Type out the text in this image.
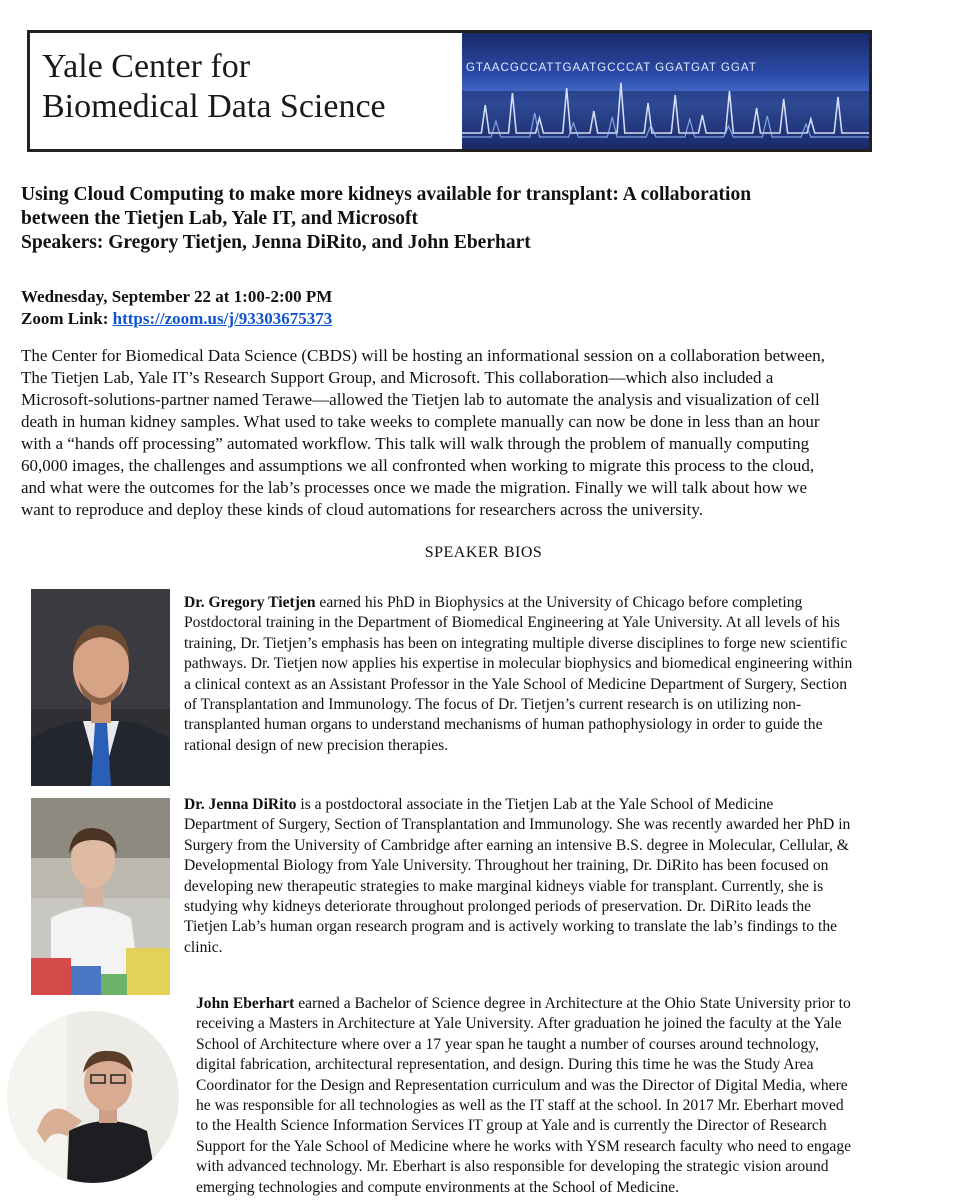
Yale Center for
Biomedical Data Science
GTAACGCCATTGAATGCCCAT GGATGAT GGAT
Using Cloud Computing to make more kidneys available for transplant: A collaboration
between the Tietjen Lab, Yale IT, and Microsoft
Speakers: Gregory Tietjen, Jenna DiRito, and John Eberhart
Wednesday, September 22 at 1:00-2:00 PM
Zoom Link: https://zoom.us/j/93303675373
The Center for Biomedical Data Science (CBDS) will be hosting an informational session on a collaboration between,
The Tietjen Lab, Yale IT’s Research Support Group, and Microsoft. This collaboration—which also included a
Microsoft-solutions-partner named Terawe—allowed the Tietjen lab to automate the analysis and visualization of cell
death in human kidney samples. What used to take weeks to complete manually can now be done in less than an hour
with a “hands off processing” automated workflow. This talk will walk through the problem of manually computing
60,000 images, the challenges and assumptions we all confronted when working to migrate this process to the cloud,
and what were the outcomes for the lab’s processes once we made the migration. Finally we will talk about how we
want to reproduce and deploy these kinds of cloud automations for researchers across the university.
SPEAKER BIOS
Dr. Gregory Tietjen earned his PhD in Biophysics at the University of Chicago before completing
Postdoctoral training in the Department of Biomedical Engineering at Yale University. At all levels of his
training, Dr. Tietjen’s emphasis has been on integrating multiple diverse disciplines to forge new scientific
pathways. Dr. Tietjen now applies his expertise in molecular biophysics and biomedical engineering within
a clinical context as an Assistant Professor in the Yale School of Medicine Department of Surgery, Section
of Transplantation and Immunology. The focus of Dr. Tietjen’s current research is on utilizing non-
transplanted human organs to understand mechanisms of human pathophysiology in order to guide the
rational design of new precision therapies.
Dr. Jenna DiRito is a postdoctoral associate in the Tietjen Lab at the Yale School of Medicine
Department of Surgery, Section of Transplantation and Immunology. She was recently awarded her PhD in
Surgery from the University of Cambridge after earning an intensive B.S. degree in Molecular, Cellular, &
Developmental Biology from Yale University. Throughout her training, Dr. DiRito has been focused on
developing new therapeutic strategies to make marginal kidneys viable for transplant. Currently, she is
studying why kidneys deteriorate throughout prolonged periods of preservation. Dr. DiRito leads the
Tietjen Lab’s human organ research program and is actively working to translate the lab’s findings to the
clinic.
John Eberhart earned a Bachelor of Science degree in Architecture at the Ohio State University prior to
receiving a Masters in Architecture at Yale University. After graduation he joined the faculty at the Yale
School of Architecture where over a 17 year span he taught a number of courses around technology,
digital fabrication, architectural representation, and design. During this time he was the Study Area
Coordinator for the Design and Representation curriculum and was the Director of Digital Media, where
he was responsible for all technologies as well as the IT staff at the school. In 2017 Mr. Eberhart moved
to the Health Science Information Services IT group at Yale and is currently the Director of Research
Support for the Yale School of Medicine where he works with YSM research faculty who need to engage
with advanced technology. Mr. Eberhart is also responsible for developing the strategic vision around
emerging technologies and compute environments at the School of Medicine.
